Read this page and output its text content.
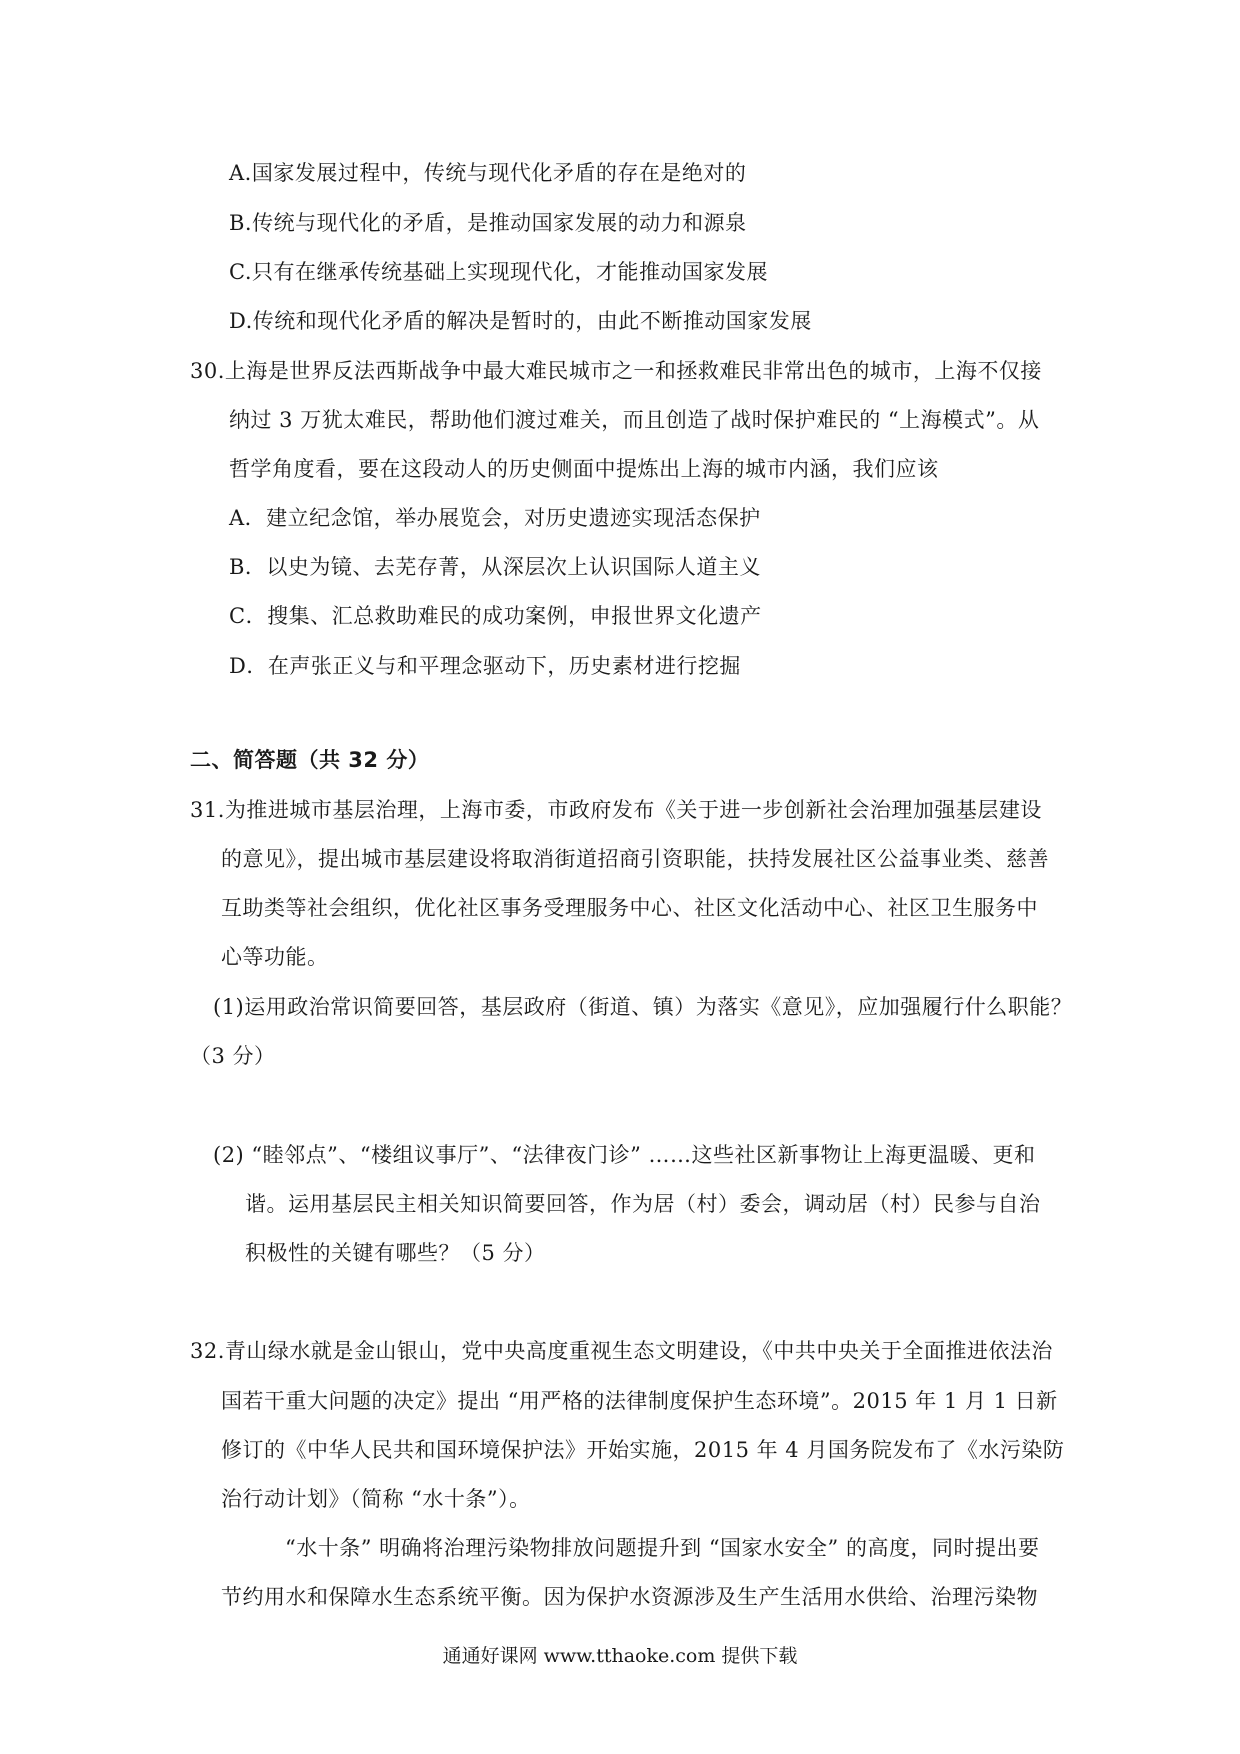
A.国家发展过程中，传统与现代化矛盾的存在是绝对的
B.传统与现代化的矛盾，是推动国家发展的动力和源泉
C.只有在继承传统基础上实现现代化，才能推动国家发展
D.传统和现代化矛盾的解决是暂时的，由此不断推动国家发展
30.上海是世界反法西斯战争中最大难民城市之一和拯救难民非常出色的城市，上海不仅接
纳过 3 万犹太难民，帮助他们渡过难关，而且创造了战时保护难民的 “上海模式”。从
哲学角度看，要在这段动人的历史侧面中提炼出上海的城市内涵，我们应该
A．建立纪念馆，举办展览会，对历史遗迹实现活态保护
B．以史为镜、去芜存菁，从深层次上认识国际人道主义
C．搜集、汇总救助难民的成功案例，申报世界文化遗产
D．在声张正义与和平理念驱动下，历史素材进行挖掘
二、简答题（共 32 分）
31.为推进城市基层治理，上海市委，市政府发布《关于进一步创新社会治理加强基层建设
的意见》，提出城市基层建设将取消街道招商引资职能，扶持发展社区公益事业类、慈善
互助类等社会组织，优化社区事务受理服务中心、社区文化活动中心、社区卫生服务中
心等功能。
(1)运用政治常识简要回答，基层政府（街道、镇）为落实《意见》，应加强履行什么职能？
（3 分）
(2) “睦邻点”、“楼组议事厅”、“法律夜门诊” ……这些社区新事物让上海更温暖、更和
谐。运用基层民主相关知识简要回答，作为居（村）委会，调动居（村）民参与自治
积极性的关键有哪些？（5 分）
32.青山绿水就是金山银山，党中央高度重视生态文明建设，《中共中央关于全面推进依法治
国若干重大问题的决定》提出 “用严格的法律制度保护生态环境”。2015 年 1 月 1 日新
修订的《中华人民共和国环境保护法》开始实施，2015 年 4 月国务院发布了《水污染防
治行动计划》（简称 “水十条”）。
“水十条” 明确将治理污染物排放问题提升到 “国家水安全” 的高度，同时提出要
节约用水和保障水生态系统平衡。因为保护水资源涉及生产生活用水供给、治理污染物
通通好课网 www.tthaoke.com 提供下载
